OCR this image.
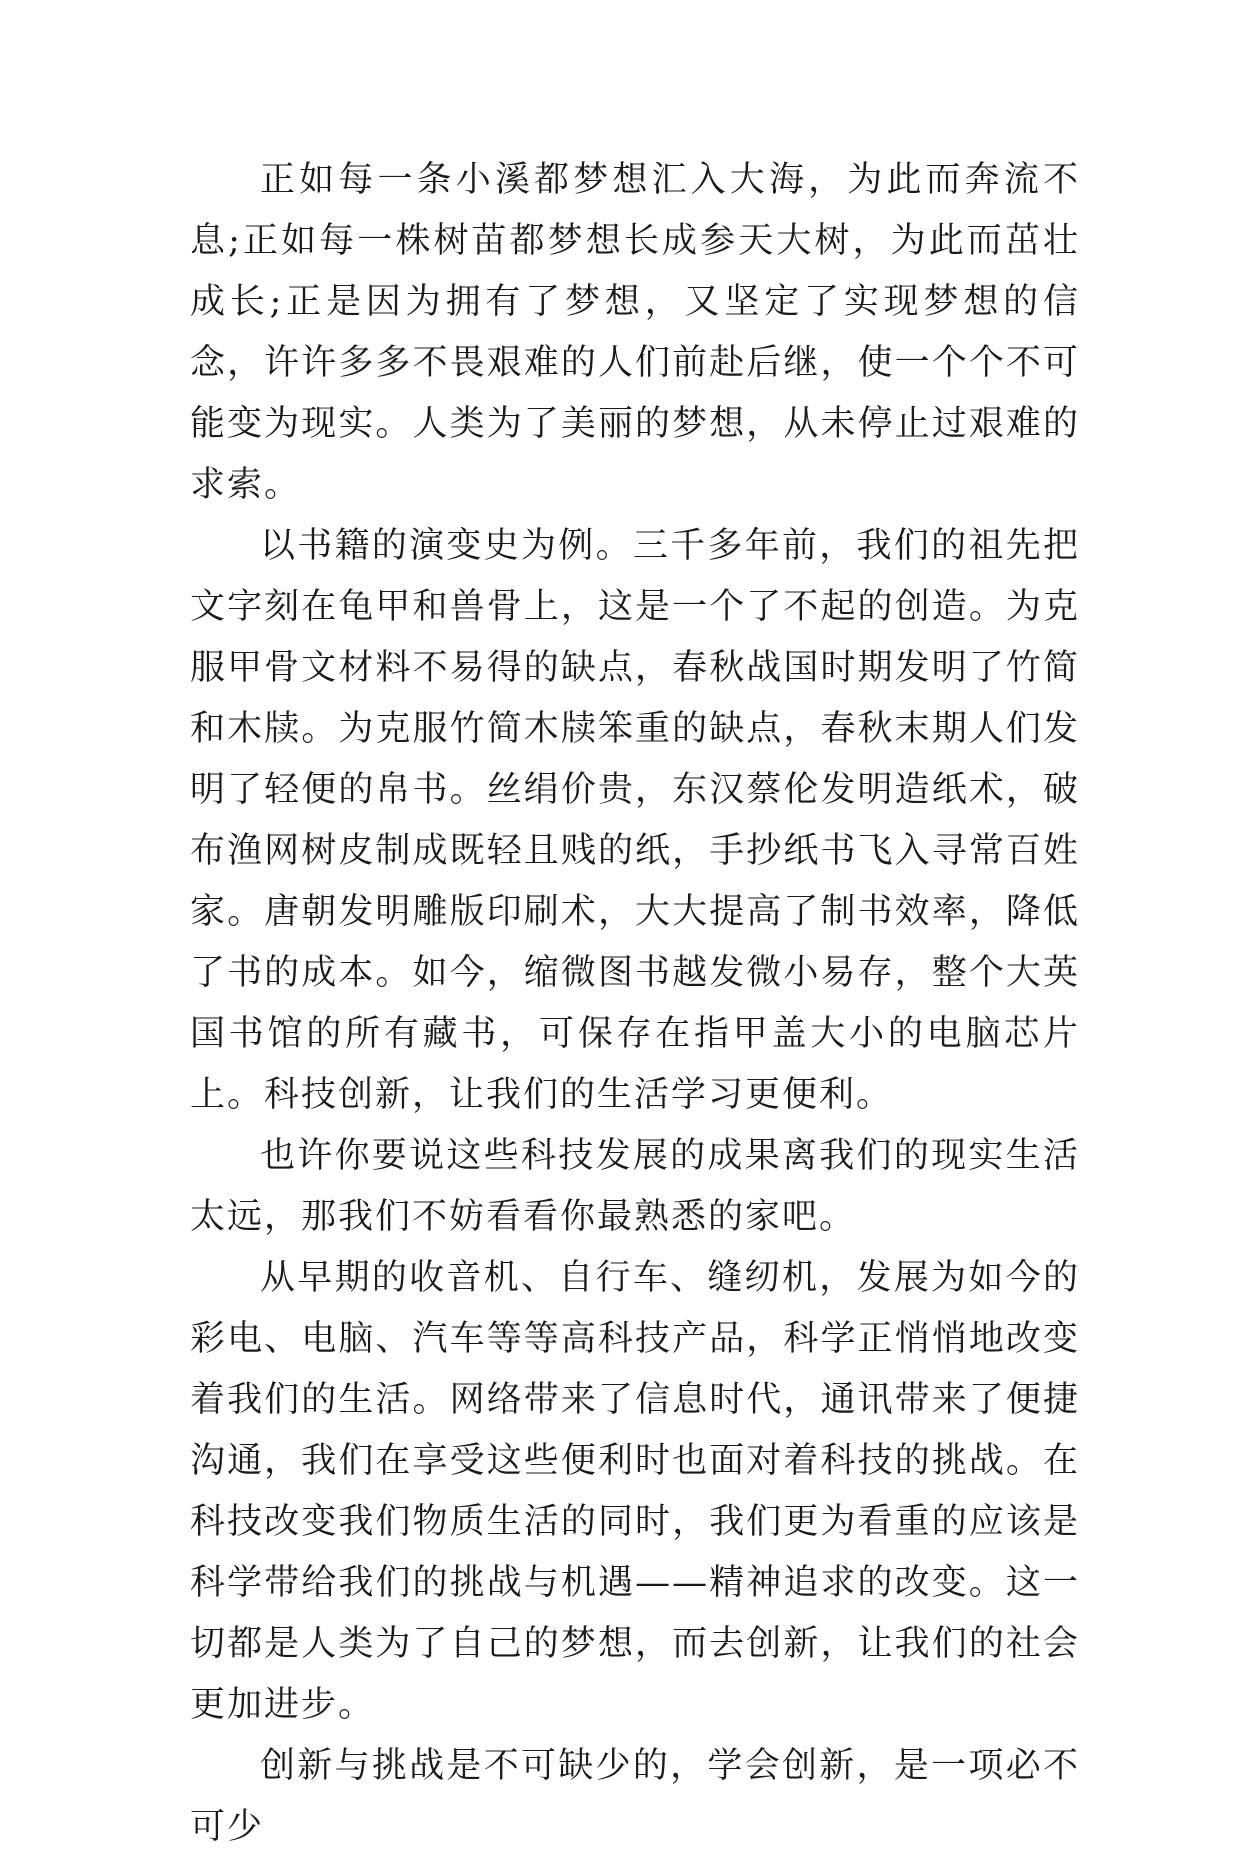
正如每一条小溪都梦想汇入大海，为此而奔流不息;正如每一株树苗都梦想长成参天大树，为此而茁壮成长;正是因为拥有了梦想，又坚定了实现梦想的信念，许许多多不畏艰难的人们前赴后继，使一个个不可能变为现实。人类为了美丽的梦想，从未停止过艰难的求索。

以书籍的演变史为例。三千多年前，我们的祖先把文字刻在龟甲和兽骨上，这是一个了不起的创造。为克服甲骨文材料不易得的缺点，春秋战国时期发明了竹简和木牍。为克服竹简木牍笨重的缺点，春秋末期人们发明了轻便的帛书。丝绢价贵，东汉蔡伦发明造纸术，破布渔网树皮制成既轻且贱的纸，手抄纸书飞入寻常百姓家。唐朝发明雕版印刷术，大大提高了制书效率，降低了书的成本。如今，缩微图书越发微小易存，整个大英国书馆的所有藏书，可保存在指甲盖大小的电脑芯片上。科技创新，让我们的生活学习更便利。

也许你要说这些科技发展的成果离我们的现实生活太远，那我们不妨看看你最熟悉的家吧。

从早期的收音机、自行车、缝纫机，发展为如今的彩电、电脑、汽车等等高科技产品，科学正悄悄地改变着我们的生活。网络带来了信息时代，通讯带来了便捷沟通，我们在享受这些便利时也面对着科技的挑战。在科技改变我们物质生活的同时，我们更为看重的应该是科学带给我们的挑战与机遇——精神追求的改变。这一切都是人类为了自己的梦想，而去创新，让我们的社会更加进步。

创新与挑战是不可缺少的，学会创新，是一项必不可少
